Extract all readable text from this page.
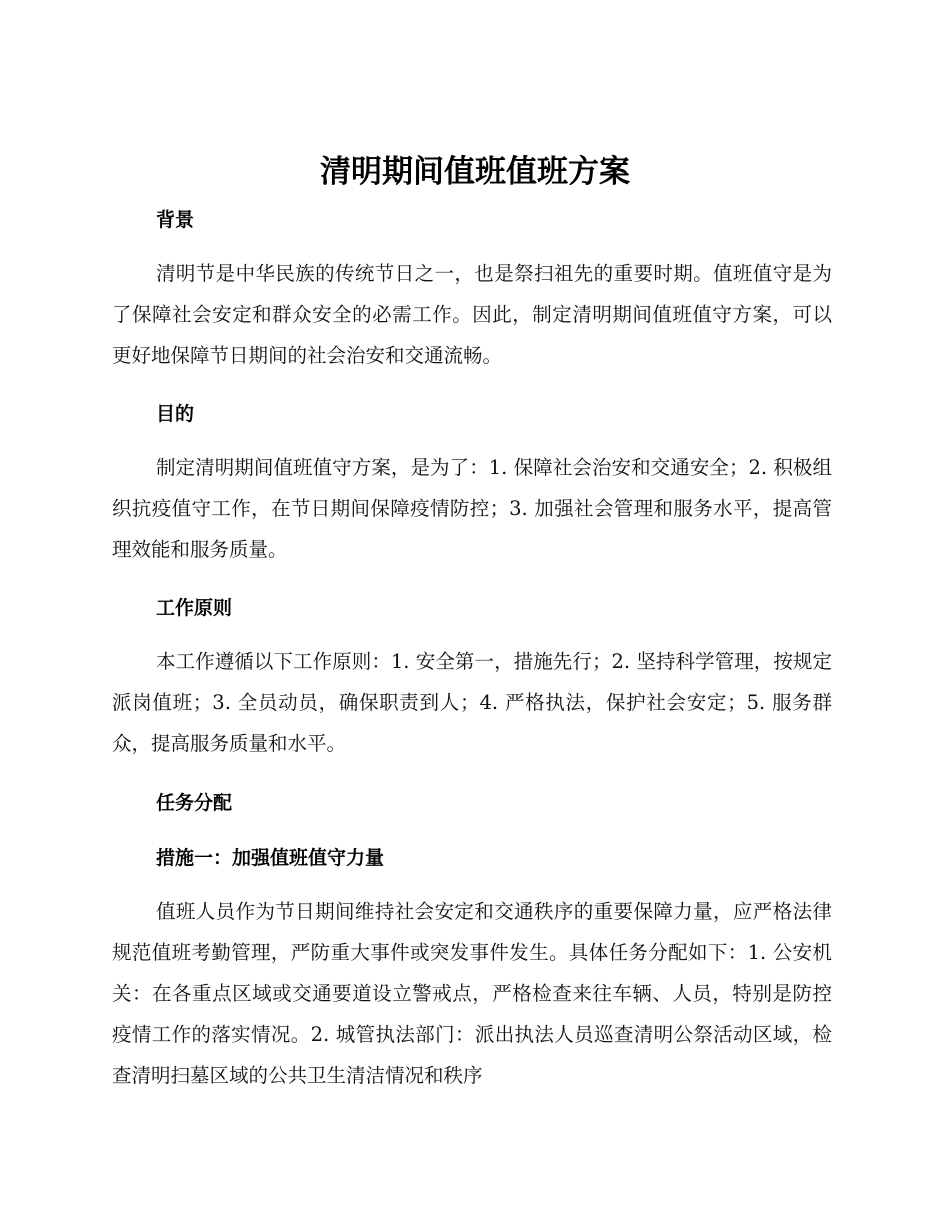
清明期间值班值班方案
背景

清明节是中华民族的传统节日之一，也是祭扫祖先的重要时期。值班值守是为了保障社会安定和群众安全的必需工作。因此，制定清明期间值班值守方案，可以更好地保障节日期间的社会治安和交通流畅。

目的

制定清明期间值班值守方案，是为了：1. 保障社会治安和交通安全；2. 积极组织抗疫值守工作，在节日期间保障疫情防控；3. 加强社会管理和服务水平，提高管理效能和服务质量。

工作原则

本工作遵循以下工作原则：1. 安全第一，措施先行；2. 坚持科学管理，按规定派岗值班；3. 全员动员，确保职责到人；4. 严格执法，保护社会安定；5. 服务群众，提高服务质量和水平。

任务分配
措施一：加强值班值守力量

值班人员作为节日期间维持社会安定和交通秩序的重要保障力量，应严格法律规范值班考勤管理，严防重大事件或突发事件发生。具体任务分配如下：1. 公安机关：在各重点区域或交通要道设立警戒点，严格检查来往车辆、人员，特别是防控疫情工作的落实情况。2. 城管执法部门：派出执法人员巡查清明公祭活动区域，检查清明扫墓区域的公共卫生清洁情况和秩序
